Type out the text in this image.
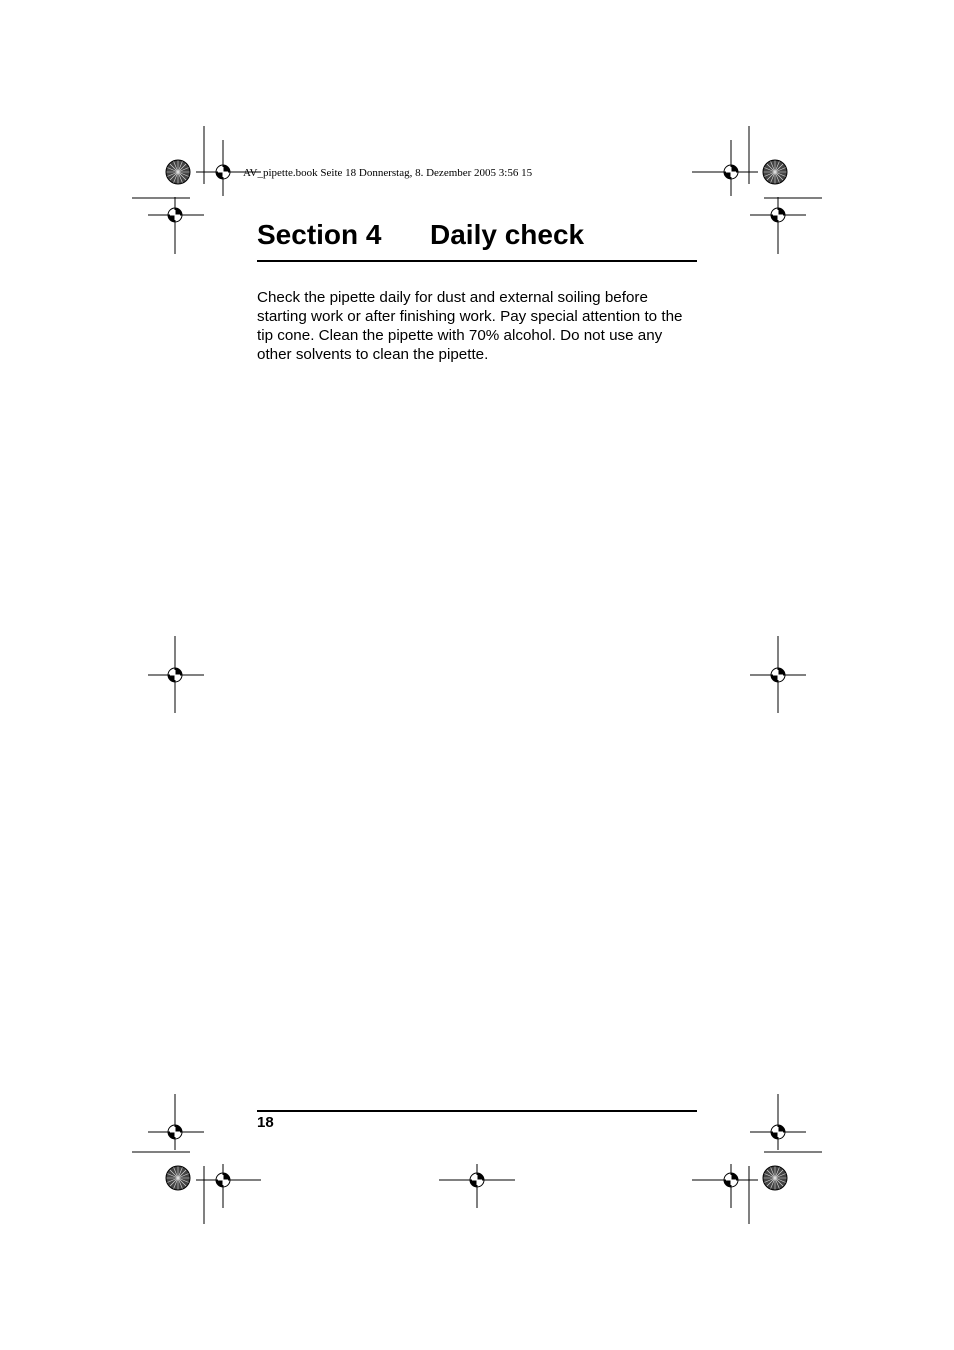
AV_pipette.book Seite 18 Donnerstag, 8. Dezember 2005 3:56 15
Section 4 Daily check

Check the pipette daily for dust and external soiling before starting work or after finishing work. Pay special attention to the tip cone. Clean the pipette with 70% alcohol. Do not use any other solvents to clean the pipette.

18
